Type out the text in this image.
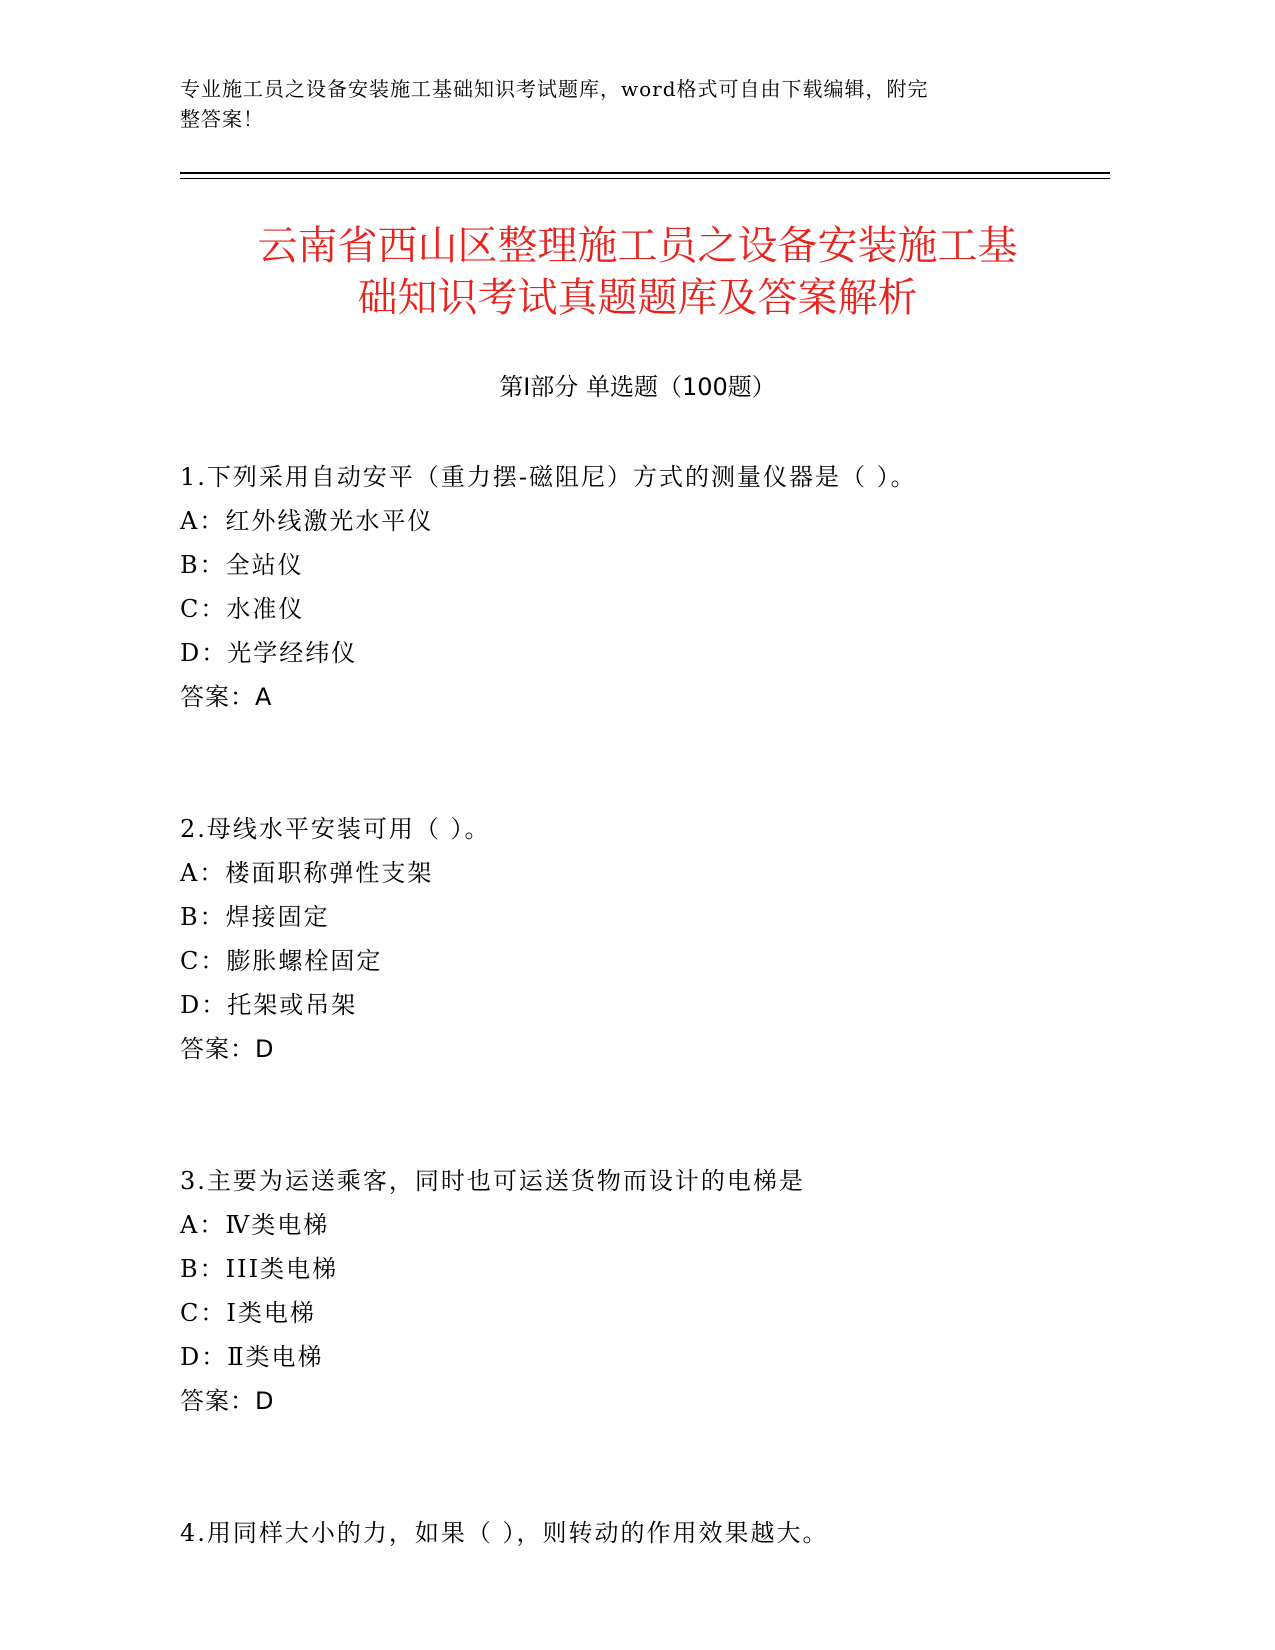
专业施工员之设备安装施工基础知识考试题库，word格式可自由下载编辑，附完
整答案！
云南省西山区整理施工员之设备安装施工基
础知识考试真题题库及答案解析
第Ⅰ部分 单选题（100题）
1.下列采用自动安平（重力摆-磁阻尼）方式的测量仪器是（ ）。
A：红外线激光水平仪
B：全站仪
C：水准仪
D：光学经纬仪
答案：A
2.母线水平安装可用（ ）。
A：楼面职称弹性支架
B：焊接固定
C：膨胀螺栓固定
D：托架或吊架
答案：D
3.主要为运送乘客，同时也可运送货物而设计的电梯是
A：Ⅳ类电梯
B：III类电梯
C：Ⅰ类电梯
D：Ⅱ类电梯
答案：D
4.用同样大小的力，如果（ ），则转动的作用效果越大。
